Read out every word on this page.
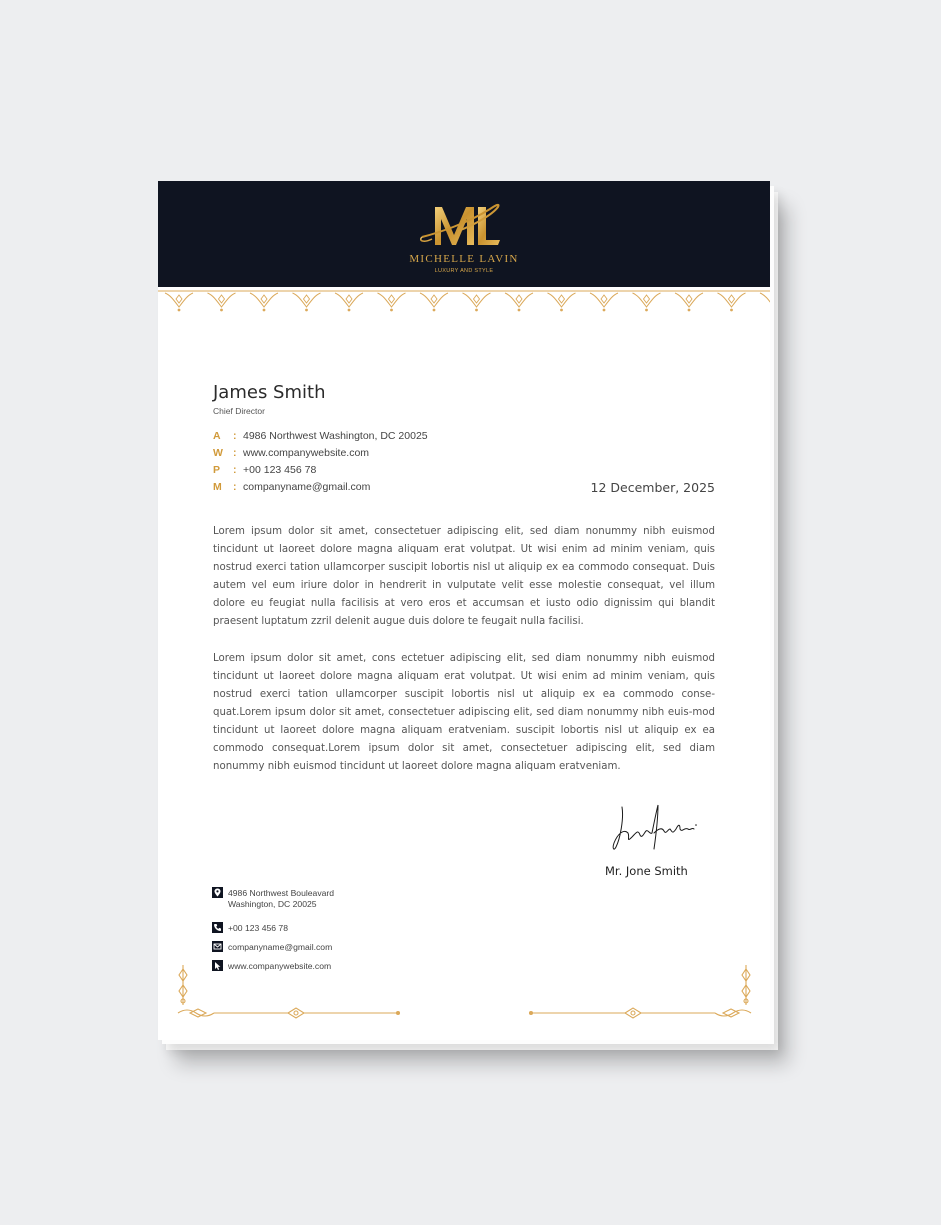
MICHELLE LAVIN
LUXURY AND STYLE
James Smith
Chief Director
A : 4986 Northwest Washington, DC 20025
W : www.companywebsite.com
P : +00 123 456 78
M : companyname@gmail.com	12 December, 2025
Lorem ipsum dolor sit amet, consectetuer adipiscing elit, sed diam nonummy nibh euismod tincidunt ut laoreet dolore magna aliquam erat volutpat. Ut wisi enim ad minim veniam, quis nostrud exerci tation ullamcorper suscipit lobortis nisl ut aliquip ex ea commodo consequat. Duis autem vel eum iriure dolor in hendrerit in vulputate velit esse molestie consequat, vel illum dolore eu feugiat nulla facilisis at vero eros et accumsan et iusto odio dignissim qui blandit praesent luptatum zzril delenit augue duis dolore te feugait nulla facilisi.
Lorem ipsum dolor sit amet, cons ectetuer adipiscing elit, sed diam nonummy nibh euismod tincidunt ut laoreet dolore magna aliquam erat volutpat. Ut wisi enim ad minim veniam, quis nostrud exerci tation ullamcorper suscipit lobortis nisl ut aliquip ex ea commodo conse-quat.Lorem ipsum dolor sit amet, consectetuer adipiscing elit, sed diam nonummy nibh euis-mod tincidunt ut laoreet dolore magna aliquam eratveniam. suscipit lobortis nisl ut aliquip ex ea commodo consequat.Lorem ipsum dolor sit amet, consectetuer adipiscing elit, sed diam nonummy nibh euismod tincidunt ut laoreet dolore magna aliquam eratveniam.
Mr. Jone Smith
4986 Northwest Bouleavard
Washington, DC 20025
+00 123 456 78
companyname@gmail.com
www.companywebsite.com
